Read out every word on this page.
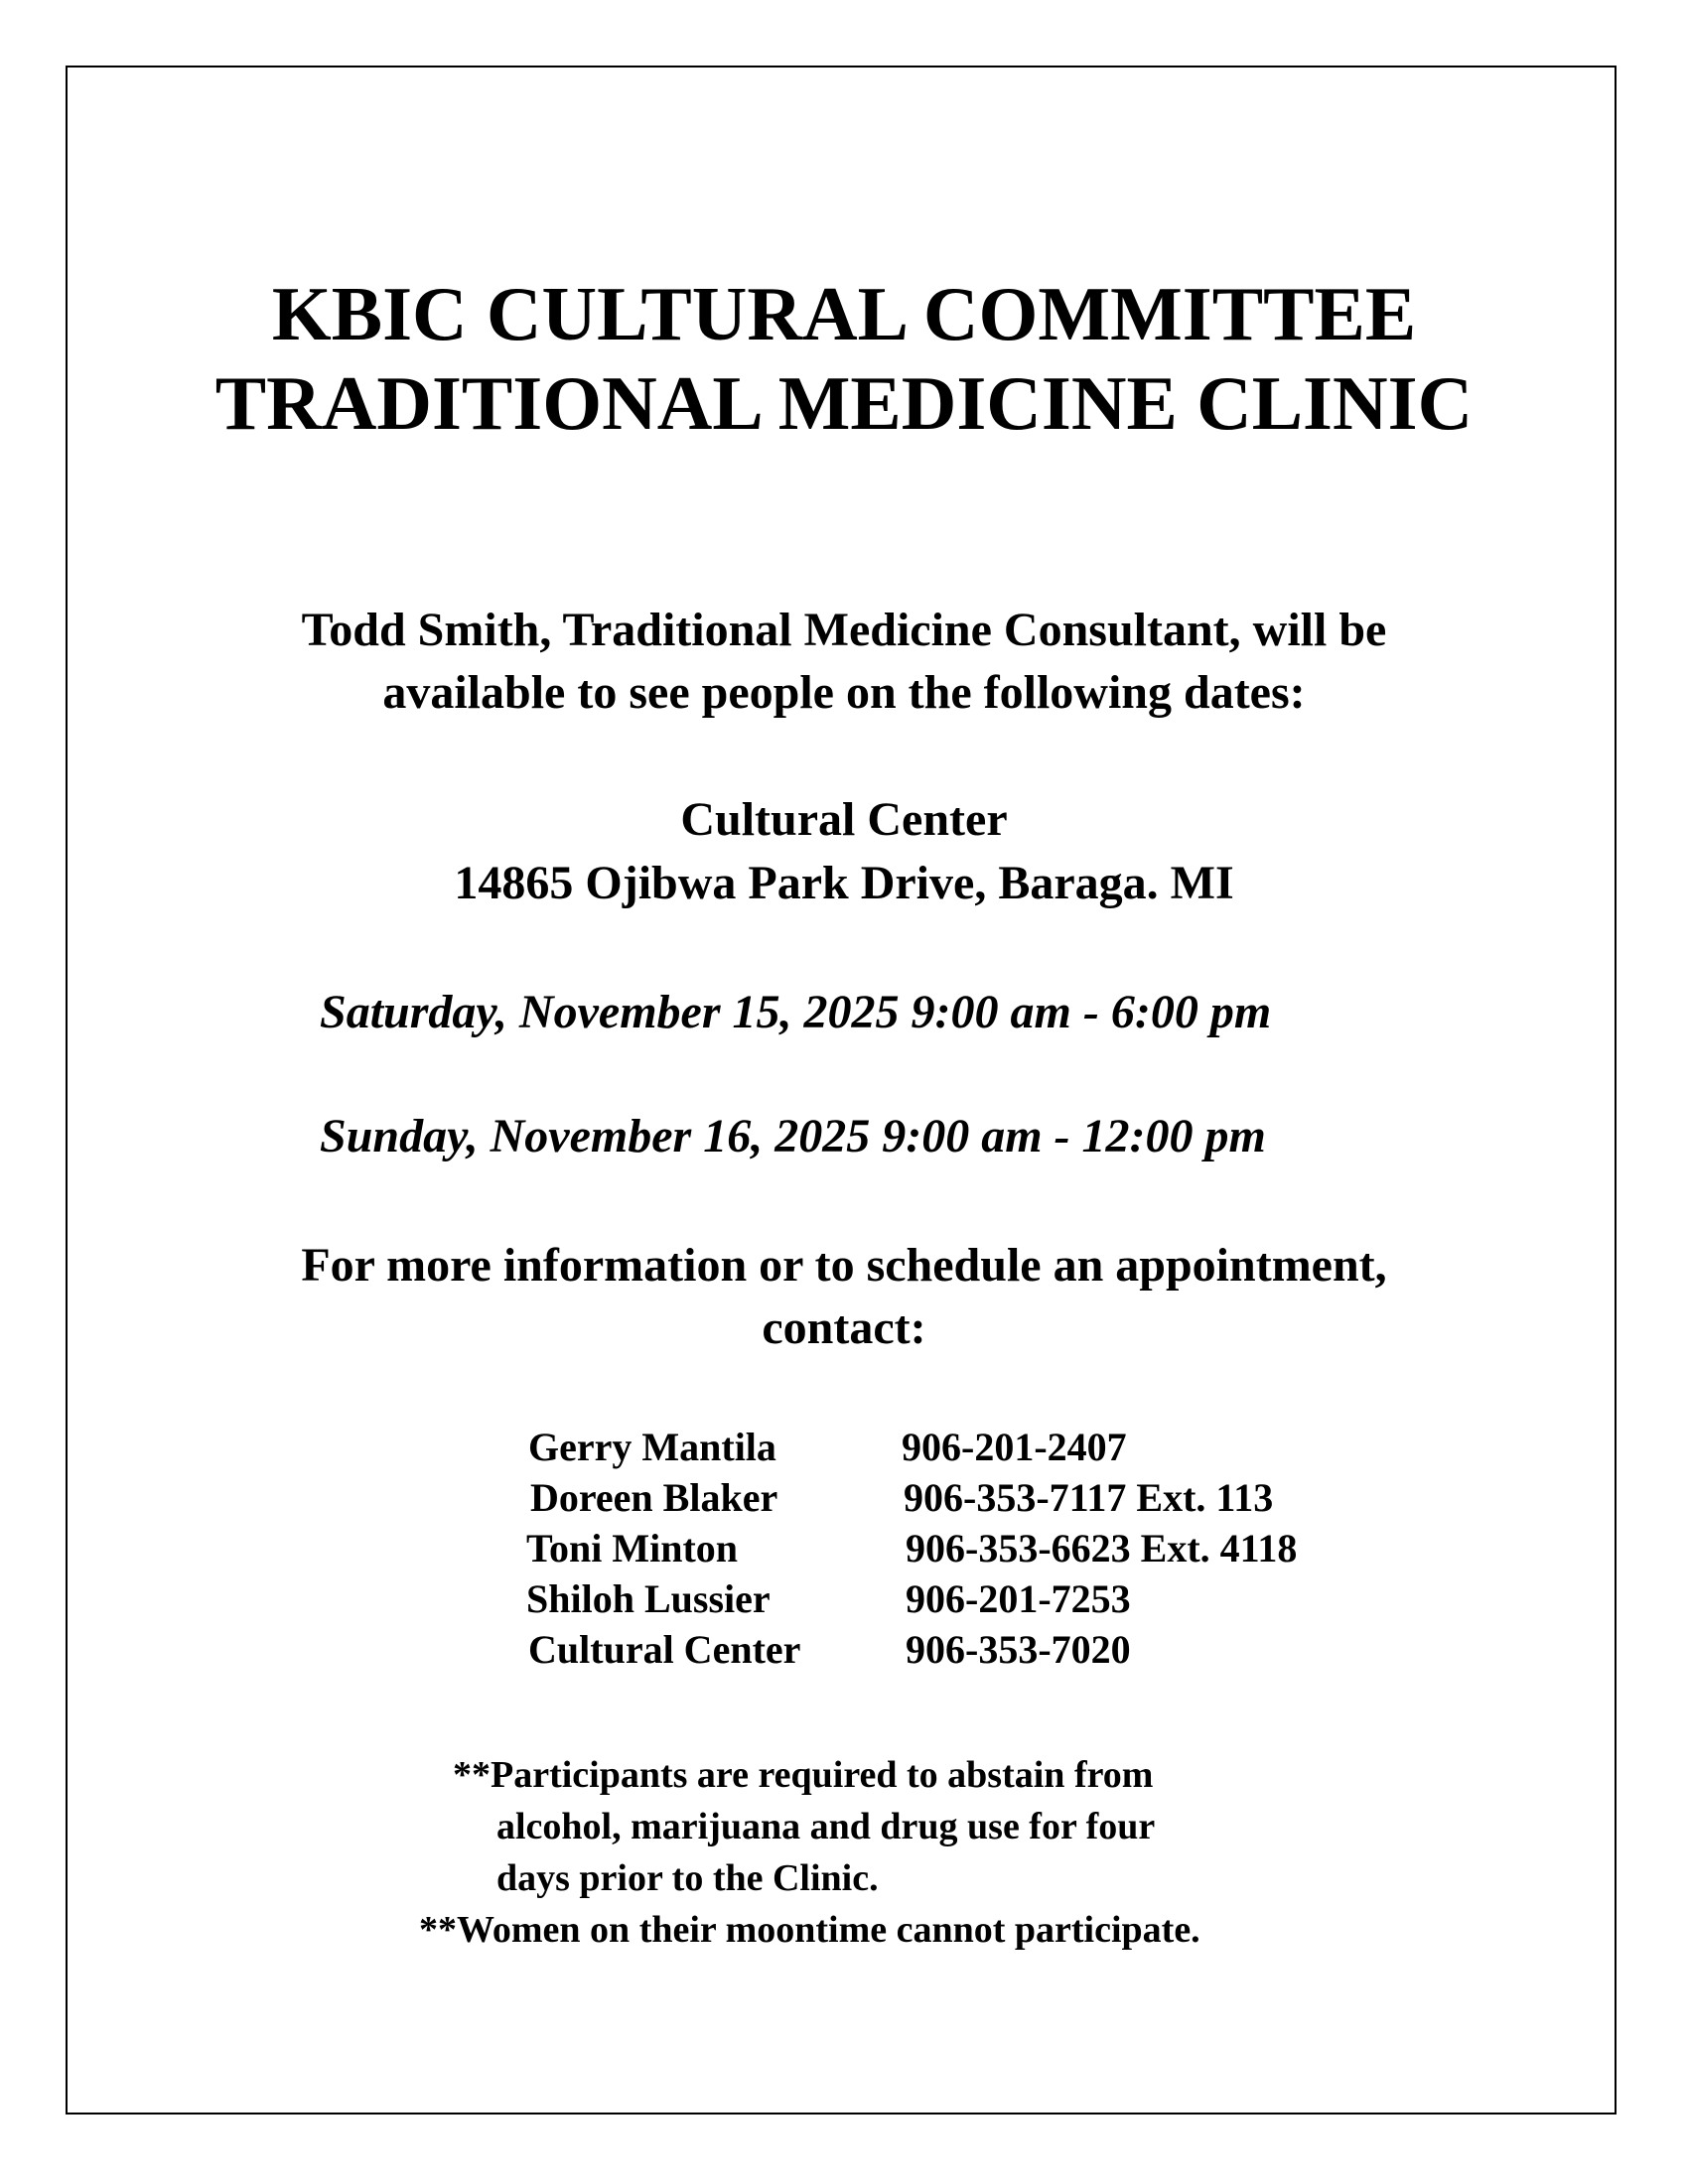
KBIC CULTURAL COMMITTEE
TRADITIONAL MEDICINE CLINIC
Todd Smith, Traditional Medicine Consultant, will be
available to see people on the following dates:
Cultural Center
14865 Ojibwa Park Drive, Baraga. MI
Saturday, November 15, 2025 9:00 am - 6:00 pm
Sunday, November 16, 2025 9:00 am - 12:00 pm
For more information or to schedule an appointment,
contact:
Gerry Mantila	906-201-2407
Doreen Blaker	906-353-7117 Ext. 113
Toni Minton	906-353-6623 Ext. 4118
Shiloh Lussier	906-201-7253
Cultural Center	906-353-7020
**Participants are required to abstain from
alcohol, marijuana and drug use for four
days prior to the Clinic.
**Women on their moontime cannot participate.
